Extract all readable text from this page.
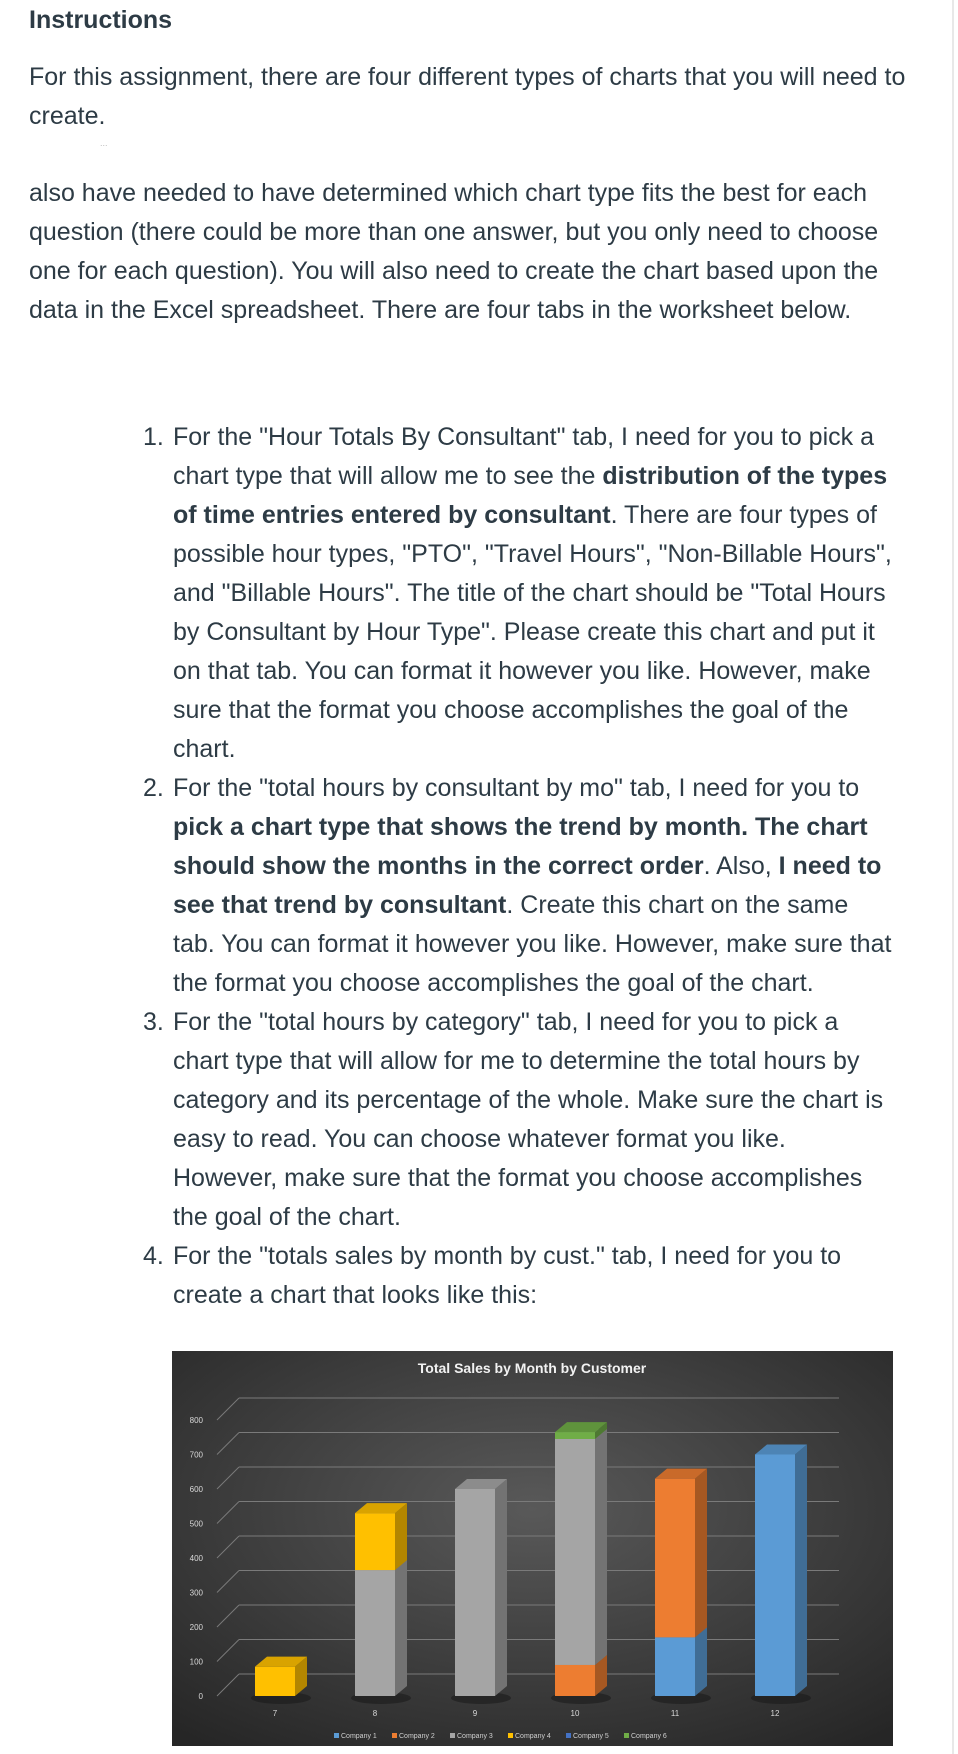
Instructions

For this assignment, there are four different types of charts that you will need to create.

...

also have needed to have determined which chart type fits the best for each question (there could be more than one answer, but you only need to choose one for each question). You will also need to create the chart based upon the data in the Excel spreadsheet. There are four tabs in the worksheet below.

1. For the "Hour Totals By Consultant" tab, I need for you to pick a chart type that will allow me to see the distribution of the types of time entries entered by consultant. There are four types of possible hour types, "PTO", "Travel Hours", "Non-Billable Hours", and "Billable Hours". The title of the chart should be "Total Hours by Consultant by Hour Type". Please create this chart and put it on that tab. You can format it however you like. However, make sure that the format you choose accomplishes the goal of the chart.
2. For the "total hours by consultant by mo" tab, I need for you to pick a chart type that shows the trend by month. The chart should show the months in the correct order. Also, I need to see that trend by consultant. Create this chart on the same tab. You can format it however you like. However, make sure that the format you choose accomplishes the goal of the chart.
3. For the "total hours by category" tab, I need for you to pick a chart type that will allow for me to determine the total hours by category and its percentage of the whole. Make sure the chart is easy to read. You can choose whatever format you like. However, make sure that the format you choose accomplishes the goal of the chart.
4. For the "totals sales by month by cust." tab, I need for you to create a chart that looks like this:
Total Sales by Month by Customer
0
100
200
300
400
500
600
700
800
7	8	9	10	11	12
Company 1	Company 2	Company 3	Company 4	Company 5	Company 6
